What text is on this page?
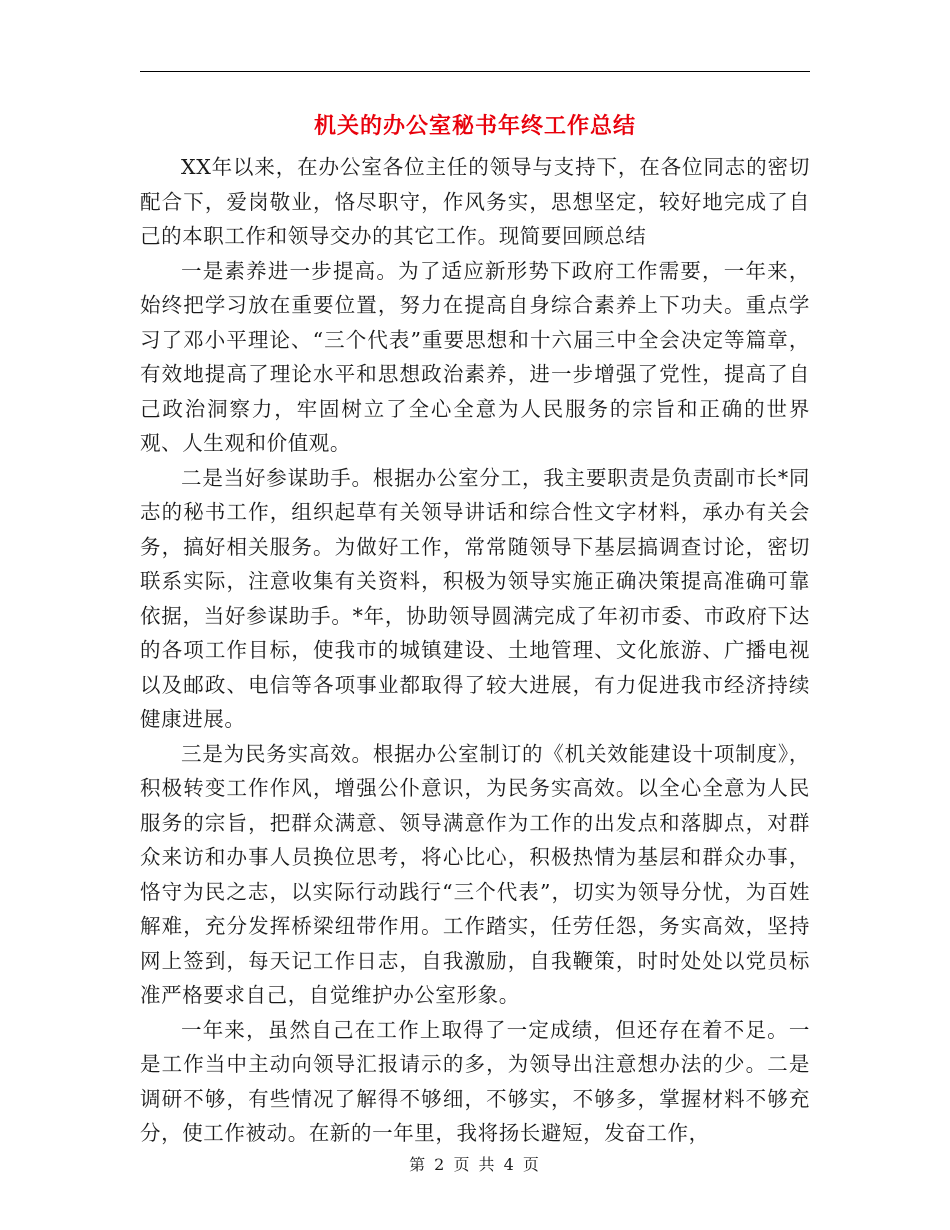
机关的办公室秘书年终工作总结

XX年以来，在办公室各位主任的领导与支持下，在各位同志的密切配合下，爱岗敬业，恪尽职守，作风务实，思想坚定，较好地完成了自己的本职工作和领导交办的其它工作。现简要回顾总结

一是素养进一步提高。为了适应新形势下政府工作需要，一年来，始终把学习放在重要位置，努力在提高自身综合素养上下功夫。重点学习了邓小平理论、“三个代表”重要思想和十六届三中全会决定等篇章，有效地提高了理论水平和思想政治素养，进一步增强了党性，提高了自己政治洞察力，牢固树立了全心全意为人民服务的宗旨和正确的世界观、人生观和价值观。

二是当好参谋助手。根据办公室分工，我主要职责是负责副市长*同志的秘书工作，组织起草有关领导讲话和综合性文字材料，承办有关会务，搞好相关服务。为做好工作，常常随领导下基层搞调查讨论，密切联系实际，注意收集有关资料，积极为领导实施正确决策提高准确可靠依据，当好参谋助手。*年，协助领导圆满完成了年初市委、市政府下达的各项工作目标，使我市的城镇建设、土地管理、文化旅游、广播电视以及邮政、电信等各项事业都取得了较大进展，有力促进我市经济持续健康进展。

三是为民务实高效。根据办公室制订的《机关效能建设十项制度》，积极转变工作作风，增强公仆意识，为民务实高效。以全心全意为人民服务的宗旨，把群众满意、领导满意作为工作的出发点和落脚点，对群众来访和办事人员换位思考，将心比心，积极热情为基层和群众办事，恪守为民之志，以实际行动践行“三个代表”，切实为领导分忧，为百姓解难，充分发挥桥梁纽带作用。工作踏实，任劳任怨，务实高效，坚持网上签到，每天记工作日志，自我激励，自我鞭策，时时处处以党员标准严格要求自己，自觉维护办公室形象。

一年来，虽然自己在工作上取得了一定成绩，但还存在着不足。一是工作当中主动向领导汇报请示的多，为领导出注意想办法的少。二是调研不够，有些情况了解得不够细，不够实，不够多，掌握材料不够充分，使工作被动。在新的一年里，我将扬长避短，发奋工作，

第 2 页 共 4 页
